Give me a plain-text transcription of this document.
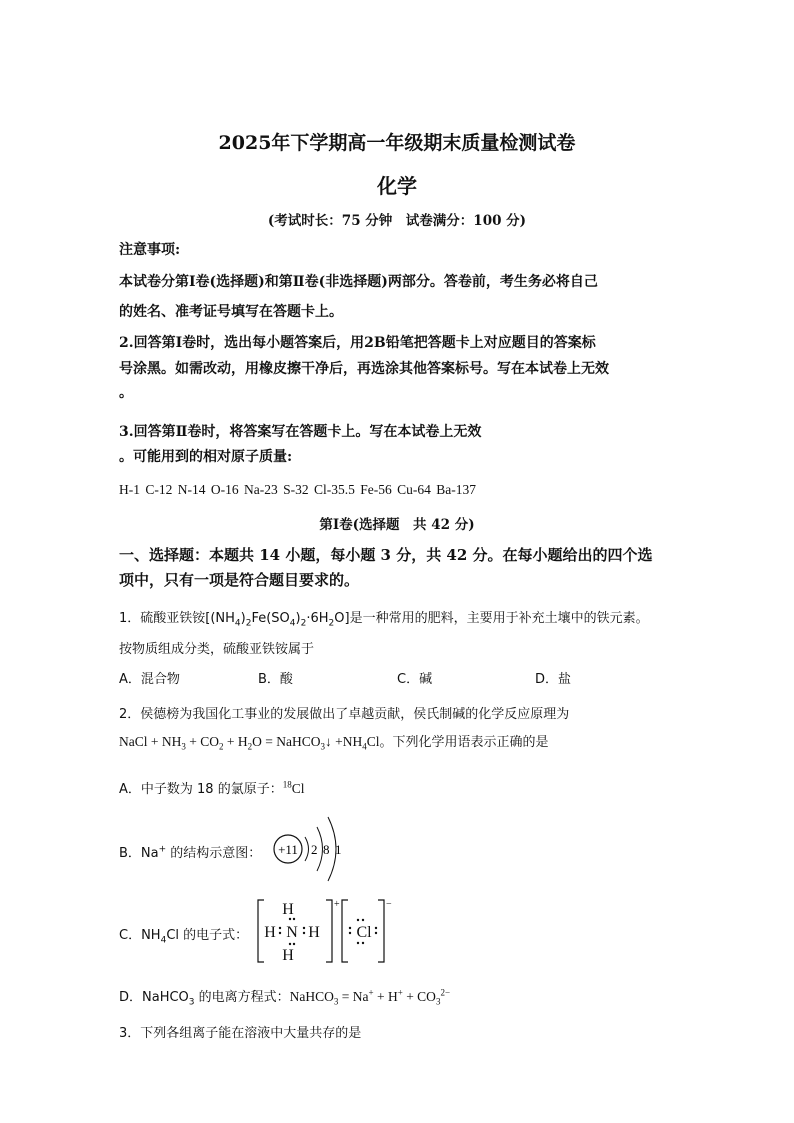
2025年下学期高一年级期末质量检测试卷
化学
(考试时长：75 分钟　试卷满分：100 分)
注意事项:
本试卷分第Ⅰ卷(选择题)和第Ⅱ卷(非选择题)两部分。答卷前，考生务必将自己
的姓名、准考证号填写在答题卡上。
2.回答第Ⅰ卷时，选出每小题答案后，用2B铅笔把答题卡上对应题目的答案标
号涂黑。如需改动，用橡皮擦干净后，再选涂其他答案标号。写在本试卷上无效
。
3.回答第Ⅱ卷时，将答案写在答题卡上。写在本试卷上无效
。可能用到的相对原子质量:
H-1 C-12 N-14 O-16 Na-23 S-32 Cl-35.5 Fe-56 Cu-64 Ba-137
第Ⅰ卷(选择题　共 42 分)
一、选择题：本题共 14 小题，每小题 3 分，共 42 分。在每小题给出的四个选
项中，只有一项是符合题目要求的。
1．硫酸亚铁铵$[(NH_4)_2Fe(SO_4)_2\cdot 6H_2O]$是一种常用的肥料，主要用于补充土壤中的铁元素。
按物质组成分类，硫酸亚铁铵属于
A．混合物	B．酸	C．碱	D．盐
2．侯德榜为我国化工事业的发展做出了卓越贡献，侯氏制碱的化学反应原理为
NaCl + $NH_3 + CO_2 + H_2O$ = NaHCO$_3$↓ $+NH_4Cl$。下列化学用语表示正确的是
A．中子数为 18 的氯原子：$^{18}$Cl
B．Na+ 的结构示意图： +11 2 8 1
C．$NH_4Cl$ 的电子式：
+
H
H N H
H
−
Cl
D．NaHCO$_3$ 的电离方程式：NaHCO$_3$ = $Na^+ + H^+ + CO_3^{2-}$
3．下列各组离子能在溶液中大量共存的是
